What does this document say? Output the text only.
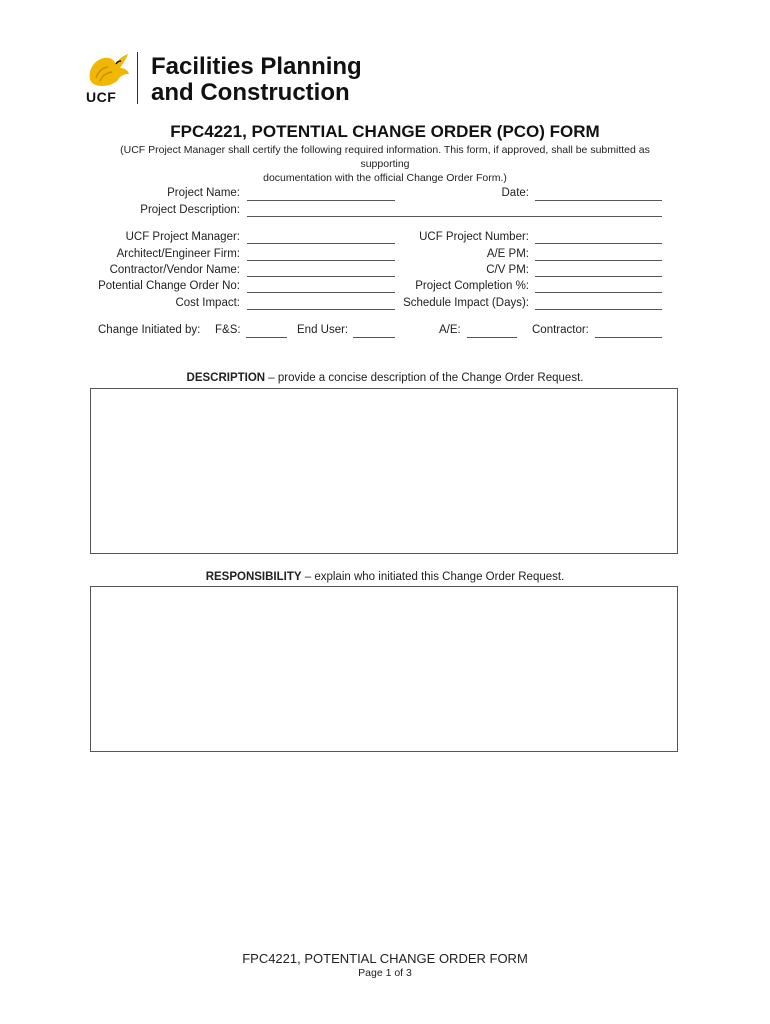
UCF
Facilities Planning
and Construction
FPC4221, POTENTIAL CHANGE ORDER (PCO) FORM
(UCF Project Manager shall certify the following required information. This form, if approved, shall be submitted as supporting
documentation with the official Change Order Form.)
Project Name:	Date:
Project Description:
UCF Project Manager:	UCF Project Number:
Architect/Engineer Firm:	A/E PM:
Contractor/Vendor Name:	C/V PM:
Potential Change Order No:	Project Completion %:
Cost Impact:	Schedule Impact (Days):
Change Initiated by: F&S:	End User:	A/E:	Contractor:
DESCRIPTION – provide a concise description of the Change Order Request.
RESPONSIBILITY – explain who initiated this Change Order Request.
FPC4221, POTENTIAL CHANGE ORDER FORM
Page 1 of 3
